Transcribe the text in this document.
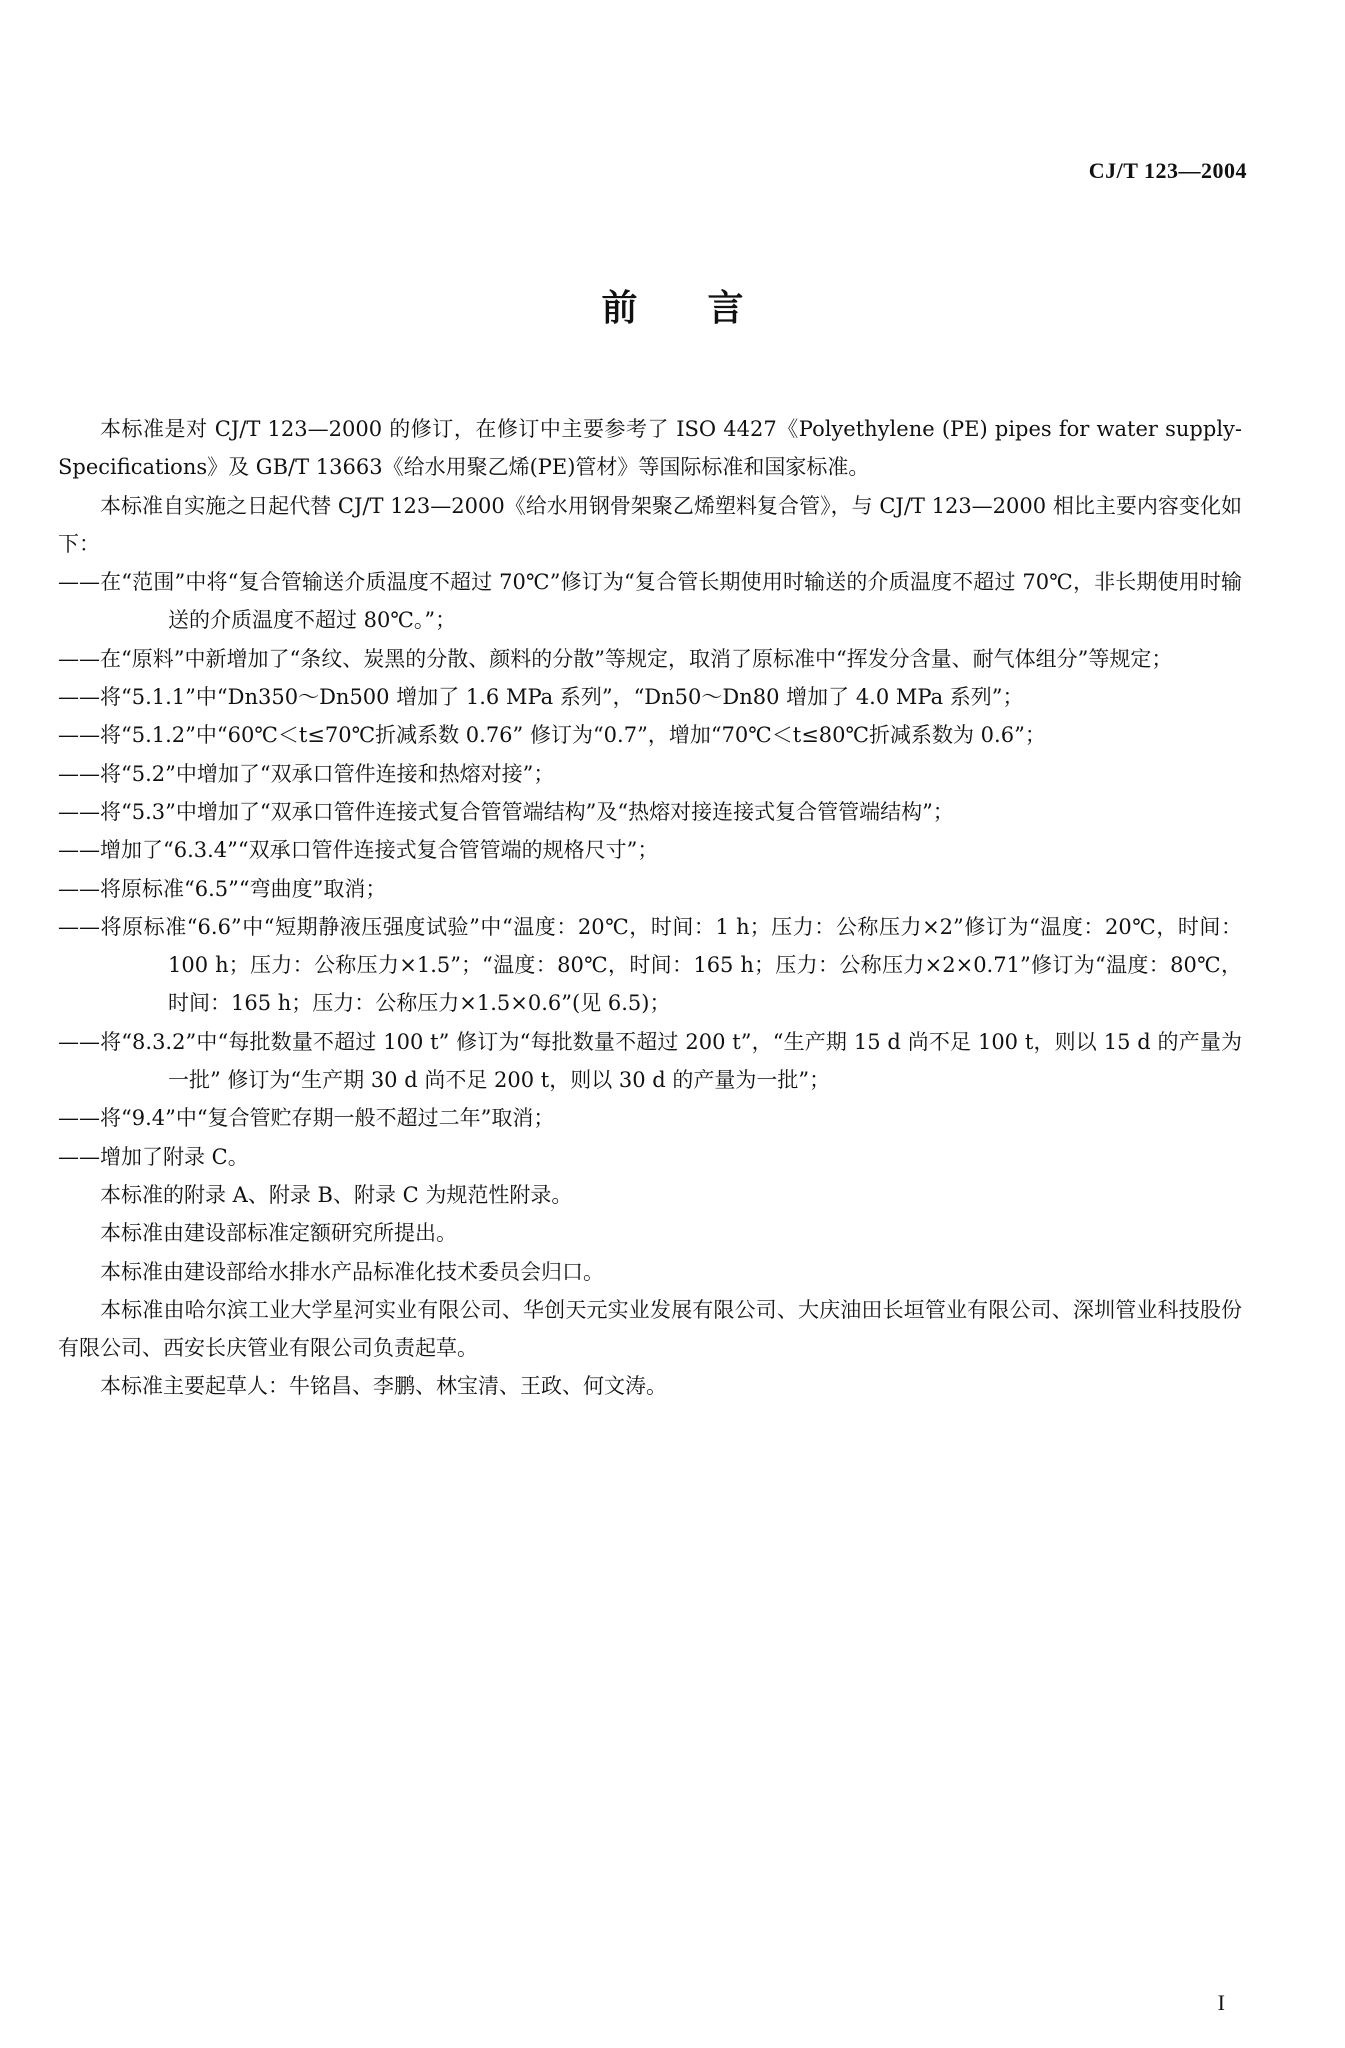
CJ/T 123—2004
前言

本标准是对 CJ/T 123—2000 的修订，在修订中主要参考了 ISO 4427《Polyethylene (PE) pipes for water supply-Specifications》及 GB/T 13663《给水用聚乙烯(PE)管材》等国际标准和国家标准。

本标准自实施之日起代替 CJ/T 123—2000《给水用钢骨架聚乙烯塑料复合管》，与 CJ/T 123—2000 相比主要内容变化如下：

——在“范围”中将“复合管输送介质温度不超过 70℃”修订为“复合管长期使用时输送的介质温度不超过 70℃，非长期使用时输送的介质温度不超过 80℃。”；

——在“原料”中新增加了“条纹、炭黑的分散、颜料的分散”等规定，取消了原标准中“挥发分含量、耐气体组分”等规定；

——将“5.1.1”中“Dn350～Dn500 增加了 1.6 MPa 系列”，“Dn50～Dn80 增加了 4.0 MPa 系列”；

——将“5.1.2”中“60℃＜t≤70℃折减系数 0.76” 修订为“0.7”，增加“70℃＜t≤80℃折减系数为 0.6”；

——将“5.2”中增加了“双承口管件连接和热熔对接”；

——将“5.3”中增加了“双承口管件连接式复合管管端结构”及“热熔对接连接式复合管管端结构”；

——增加了“6.3.4”“双承口管件连接式复合管管端的规格尺寸”；

——将原标准“6.5”“弯曲度”取消；

——将原标准“6.6”中“短期静液压强度试验”中“温度：20℃，时间：1 h；压力：公称压力×2”修订为“温度：20℃，时间：100 h；压力：公称压力×1.5”；“温度：80℃，时间：165 h；压力：公称压力×2×0.71”修订为“温度：80℃，时间：165 h；压力：公称压力×1.5×0.6”(见 6.5)；

——将“8.3.2”中“每批数量不超过 100 t” 修订为“每批数量不超过 200 t”，“生产期 15 d 尚不足 100 t，则以 15 d 的产量为一批” 修订为“生产期 30 d 尚不足 200 t，则以 30 d 的产量为一批”；

——将“9.4”中“复合管贮存期一般不超过二年”取消；

——增加了附录 C。

本标准的附录 A、附录 B、附录 C 为规范性附录。

本标准由建设部标准定额研究所提出。

本标准由建设部给水排水产品标准化技术委员会归口。

本标准由哈尔滨工业大学星河实业有限公司、华创天元实业发展有限公司、大庆油田长垣管业有限公司、深圳管业科技股份有限公司、西安长庆管业有限公司负责起草。

本标准主要起草人：牛铭昌、李鹏、林宝清、王政、何文涛。

I
